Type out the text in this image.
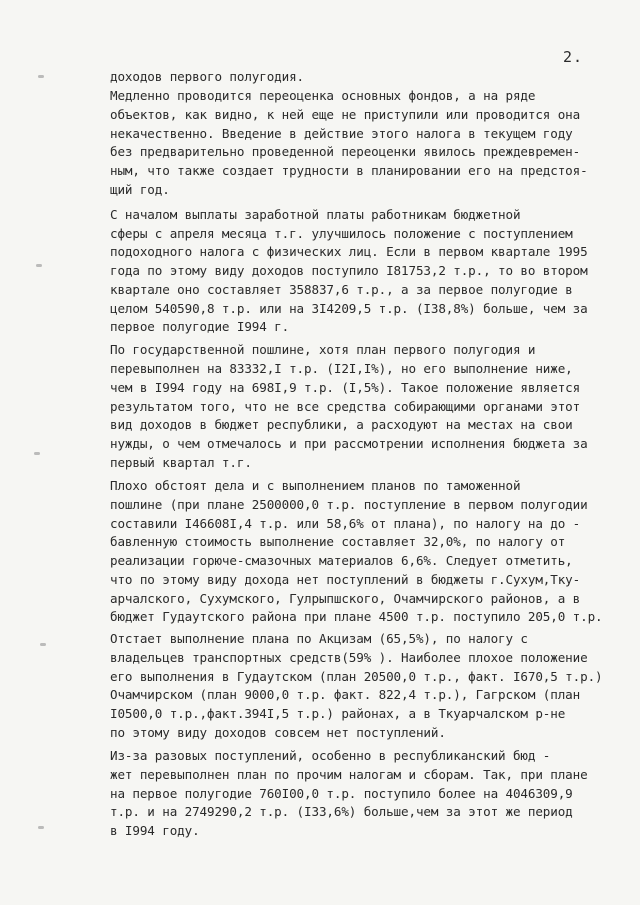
2.
доходов первого полугодия.
Медленно проводится переоценка основных фондов, а на ряде
объектов, как видно, к ней еще не приступили или проводится она
некачественно. Введение в действие этого налога в текущем году
без предварительно проведенной переоценки явилось преждевремен-
ным, что также создает трудности в планировании его на предстоя-
щий год.
С началом выплаты заработной платы работникам бюджетной
сферы с апреля месяца т.г. улучшилось положение с поступлением
подоходного налога с физических лиц. Если в первом квартале 1995
года по этому виду доходов поступило I81753,2 т.р., то во втором
квартале оно составляет 358837,6 т.р., а за первое полугодие в
целом 540590,8 т.р. или на 3I4209,5 т.р. (I38,8%) больше, чем за
первое полугодие I994 г.
По государственной пошлине, хотя план первого полугодия и
перевыполнен на 83332,I т.р. (I2I,I%), но его выполнение ниже,
чем в I994 году на 698I,9 т.р. (I,5%). Такое положение является
результатом того, что не все средства собирающими органами этот
вид доходов в бюджет республики, а расходуют на местах на свои
нужды, о чем отмечалось и при рассмотрении исполнения бюджета за
первый квартал т.г.
Плохо обстоят дела и с выполнением планов по таможенной
пошлине (при плане 2500000,0 т.р. поступление в первом полугодии
составили I46608I,4 т.р. или 58,6% от плана), по налогу на до -
бавленную стоимость выполнение составляет 32,0%, по налогу от
реализации горюче-смазочных материалов 6,6%. Следует отметить,
что по этому виду дохода нет поступлений в бюджеты г.Сухум,Тку-
арчалского, Сухумского, Гулрыпшского, Очамчирского районов, а в
бюджет Гудаутского района при плане 4500 т.р. поступило 205,0 т.р.
Отстает выполнение плана по Акцизам (65,5%), по налогу с
владельцев транспортных средств(59% ). Наиболее плохое положение
его выполнения в Гудаутском (план 20500,0 т.р., факт. I670,5 т.р.)
Очамчирском (план 9000,0 т.р. факт. 822,4 т.р.), Гагрском (план
I0500,0 т.р.,факт.394I,5 т.р.) районах, а в Ткуарчалском р-не
по этому виду доходов совсем нет поступлений.
Из-за разовых поступлений, особенно в республиканский бюд -
жет перевыполнен план по прочим налогам и сборам. Так, при плане
на первое полугодие 760I00,0 т.р. поступило более на 4046309,9
т.р. и на 2749290,2 т.р. (I33,6%) больше,чем за этот же период
в I994 году.
